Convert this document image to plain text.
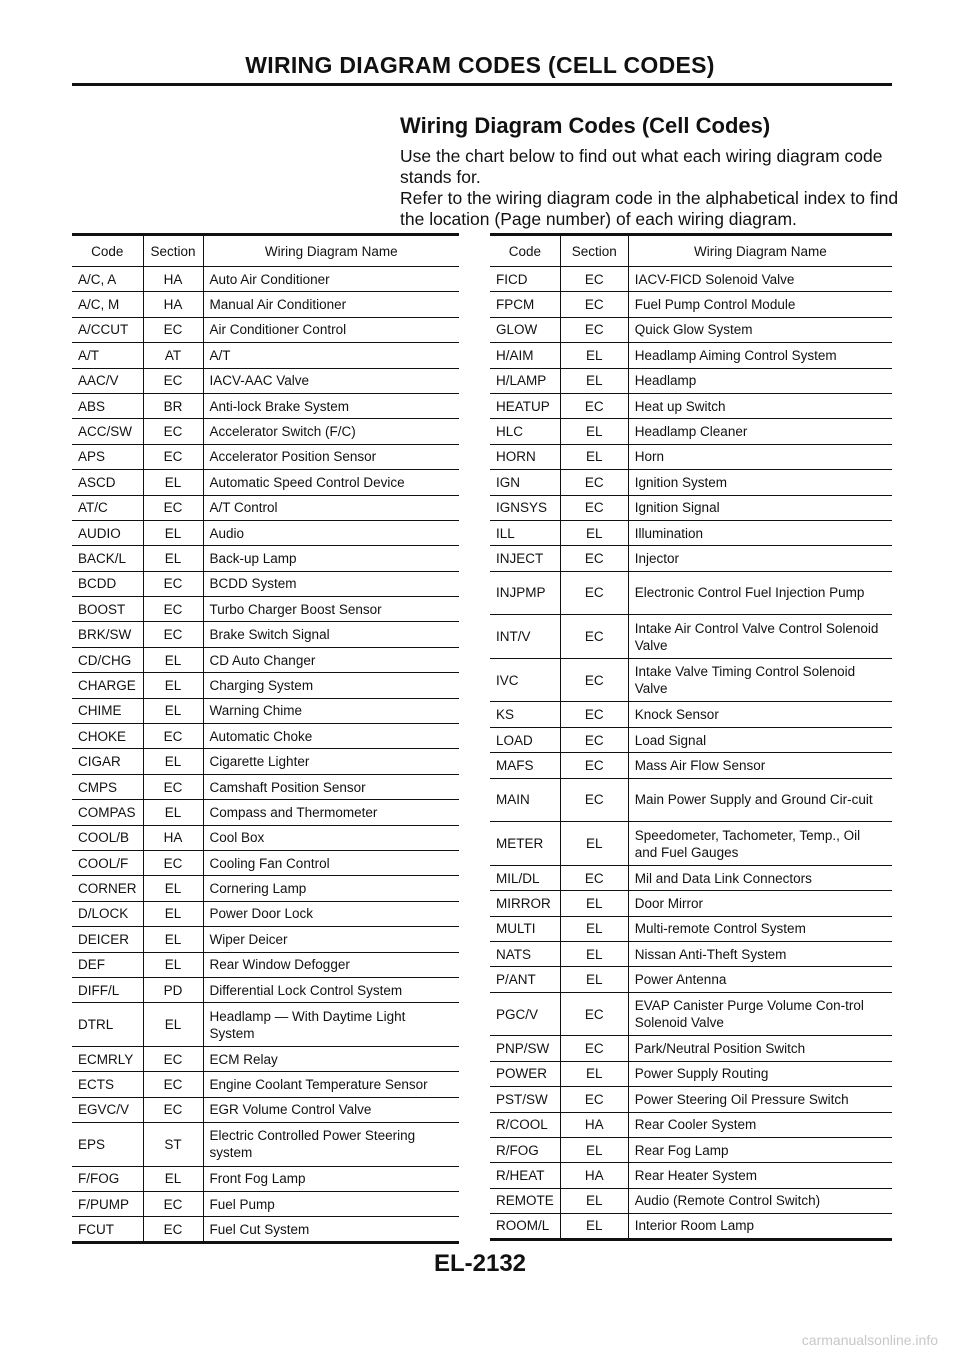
WIRING DIAGRAM CODES (CELL CODES)
Wiring Diagram Codes (Cell Codes)

Use the chart below to find out what each wiring diagram code stands for.

Refer to the wiring diagram code in the alphabetical index to find the location (Page number) of each wiring diagram.

Code	Section	Wiring Diagram Name
A/C, A	HA	Auto Air Conditioner
A/C, M	HA	Manual Air Conditioner
A/CCUT	EC	Air Conditioner Control
A/T	AT	A/T
AAC/V	EC	IACV-AAC Valve
ABS	BR	Anti-lock Brake System
ACC/SW	EC	Accelerator Switch (F/C)
APS	EC	Accelerator Position Sensor
ASCD	EL	Automatic Speed Control Device
AT/C	EC	A/T Control
AUDIO	EL	Audio
BACK/L	EL	Back-up Lamp
BCDD	EC	BCDD System
BOOST	EC	Turbo Charger Boost Sensor
BRK/SW	EC	Brake Switch Signal
CD/CHG	EL	CD Auto Changer
CHARGE	EL	Charging System
CHIME	EL	Warning Chime
CHOKE	EC	Automatic Choke
CIGAR	EL	Cigarette Lighter
CMPS	EC	Camshaft Position Sensor
COMPAS	EL	Compass and Thermometer
COOL/B	HA	Cool Box
COOL/F	EC	Cooling Fan Control
CORNER	EL	Cornering Lamp
D/LOCK	EL	Power Door Lock
DEICER	EL	Wiper Deicer
DEF	EL	Rear Window Defogger
DIFF/L	PD	Differential Lock Control System
DTRL	EL	Headlamp — With Daytime Light System
ECMRLY	EC	ECM Relay
ECTS	EC	Engine Coolant Temperature Sensor
EGVC/V	EC	EGR Volume Control Valve
EPS	ST	Electric Controlled Power Steering system
F/FOG	EL	Front Fog Lamp
F/PUMP	EC	Fuel Pump
FCUT	EC	Fuel Cut System
Code	Section	Wiring Diagram Name
FICD	EC	IACV-FICD Solenoid Valve
FPCM	EC	Fuel Pump Control Module
GLOW	EC	Quick Glow System
H/AIM	EL	Headlamp Aiming Control System
H/LAMP	EL	Headlamp
HEATUP	EC	Heat up Switch
HLC	EL	Headlamp Cleaner
HORN	EL	Horn
IGN	EC	Ignition System
IGNSYS	EC	Ignition Signal
ILL	EL	Illumination
INJECT	EC	Injector
INJPMP	EC	Electronic Control Fuel Injection Pump
INT/V	EC	Intake Air Control Valve Control Solenoid Valve
IVC	EC	Intake Valve Timing Control Solenoid Valve
KS	EC	Knock Sensor
LOAD	EC	Load Signal
MAFS	EC	Mass Air Flow Sensor
MAIN	EC	Main Power Supply and Ground Cir-cuit
METER	EL	Speedometer, Tachometer, Temp., Oil and Fuel Gauges
MIL/DL	EC	Mil and Data Link Connectors
MIRROR	EL	Door Mirror
MULTI	EL	Multi-remote Control System
NATS	EL	Nissan Anti-Theft System
P/ANT	EL	Power Antenna
PGC/V	EC	EVAP Canister Purge Volume Con-trol Solenoid Valve
PNP/SW	EC	Park/Neutral Position Switch
POWER	EL	Power Supply Routing
PST/SW	EC	Power Steering Oil Pressure Switch
R/COOL	HA	Rear Cooler System
R/FOG	EL	Rear Fog Lamp
R/HEAT	HA	Rear Heater System
REMOTE	EL	Audio (Remote Control Switch)
ROOM/L	EL	Interior Room Lamp
EL-2132
carmanualsonline.info
